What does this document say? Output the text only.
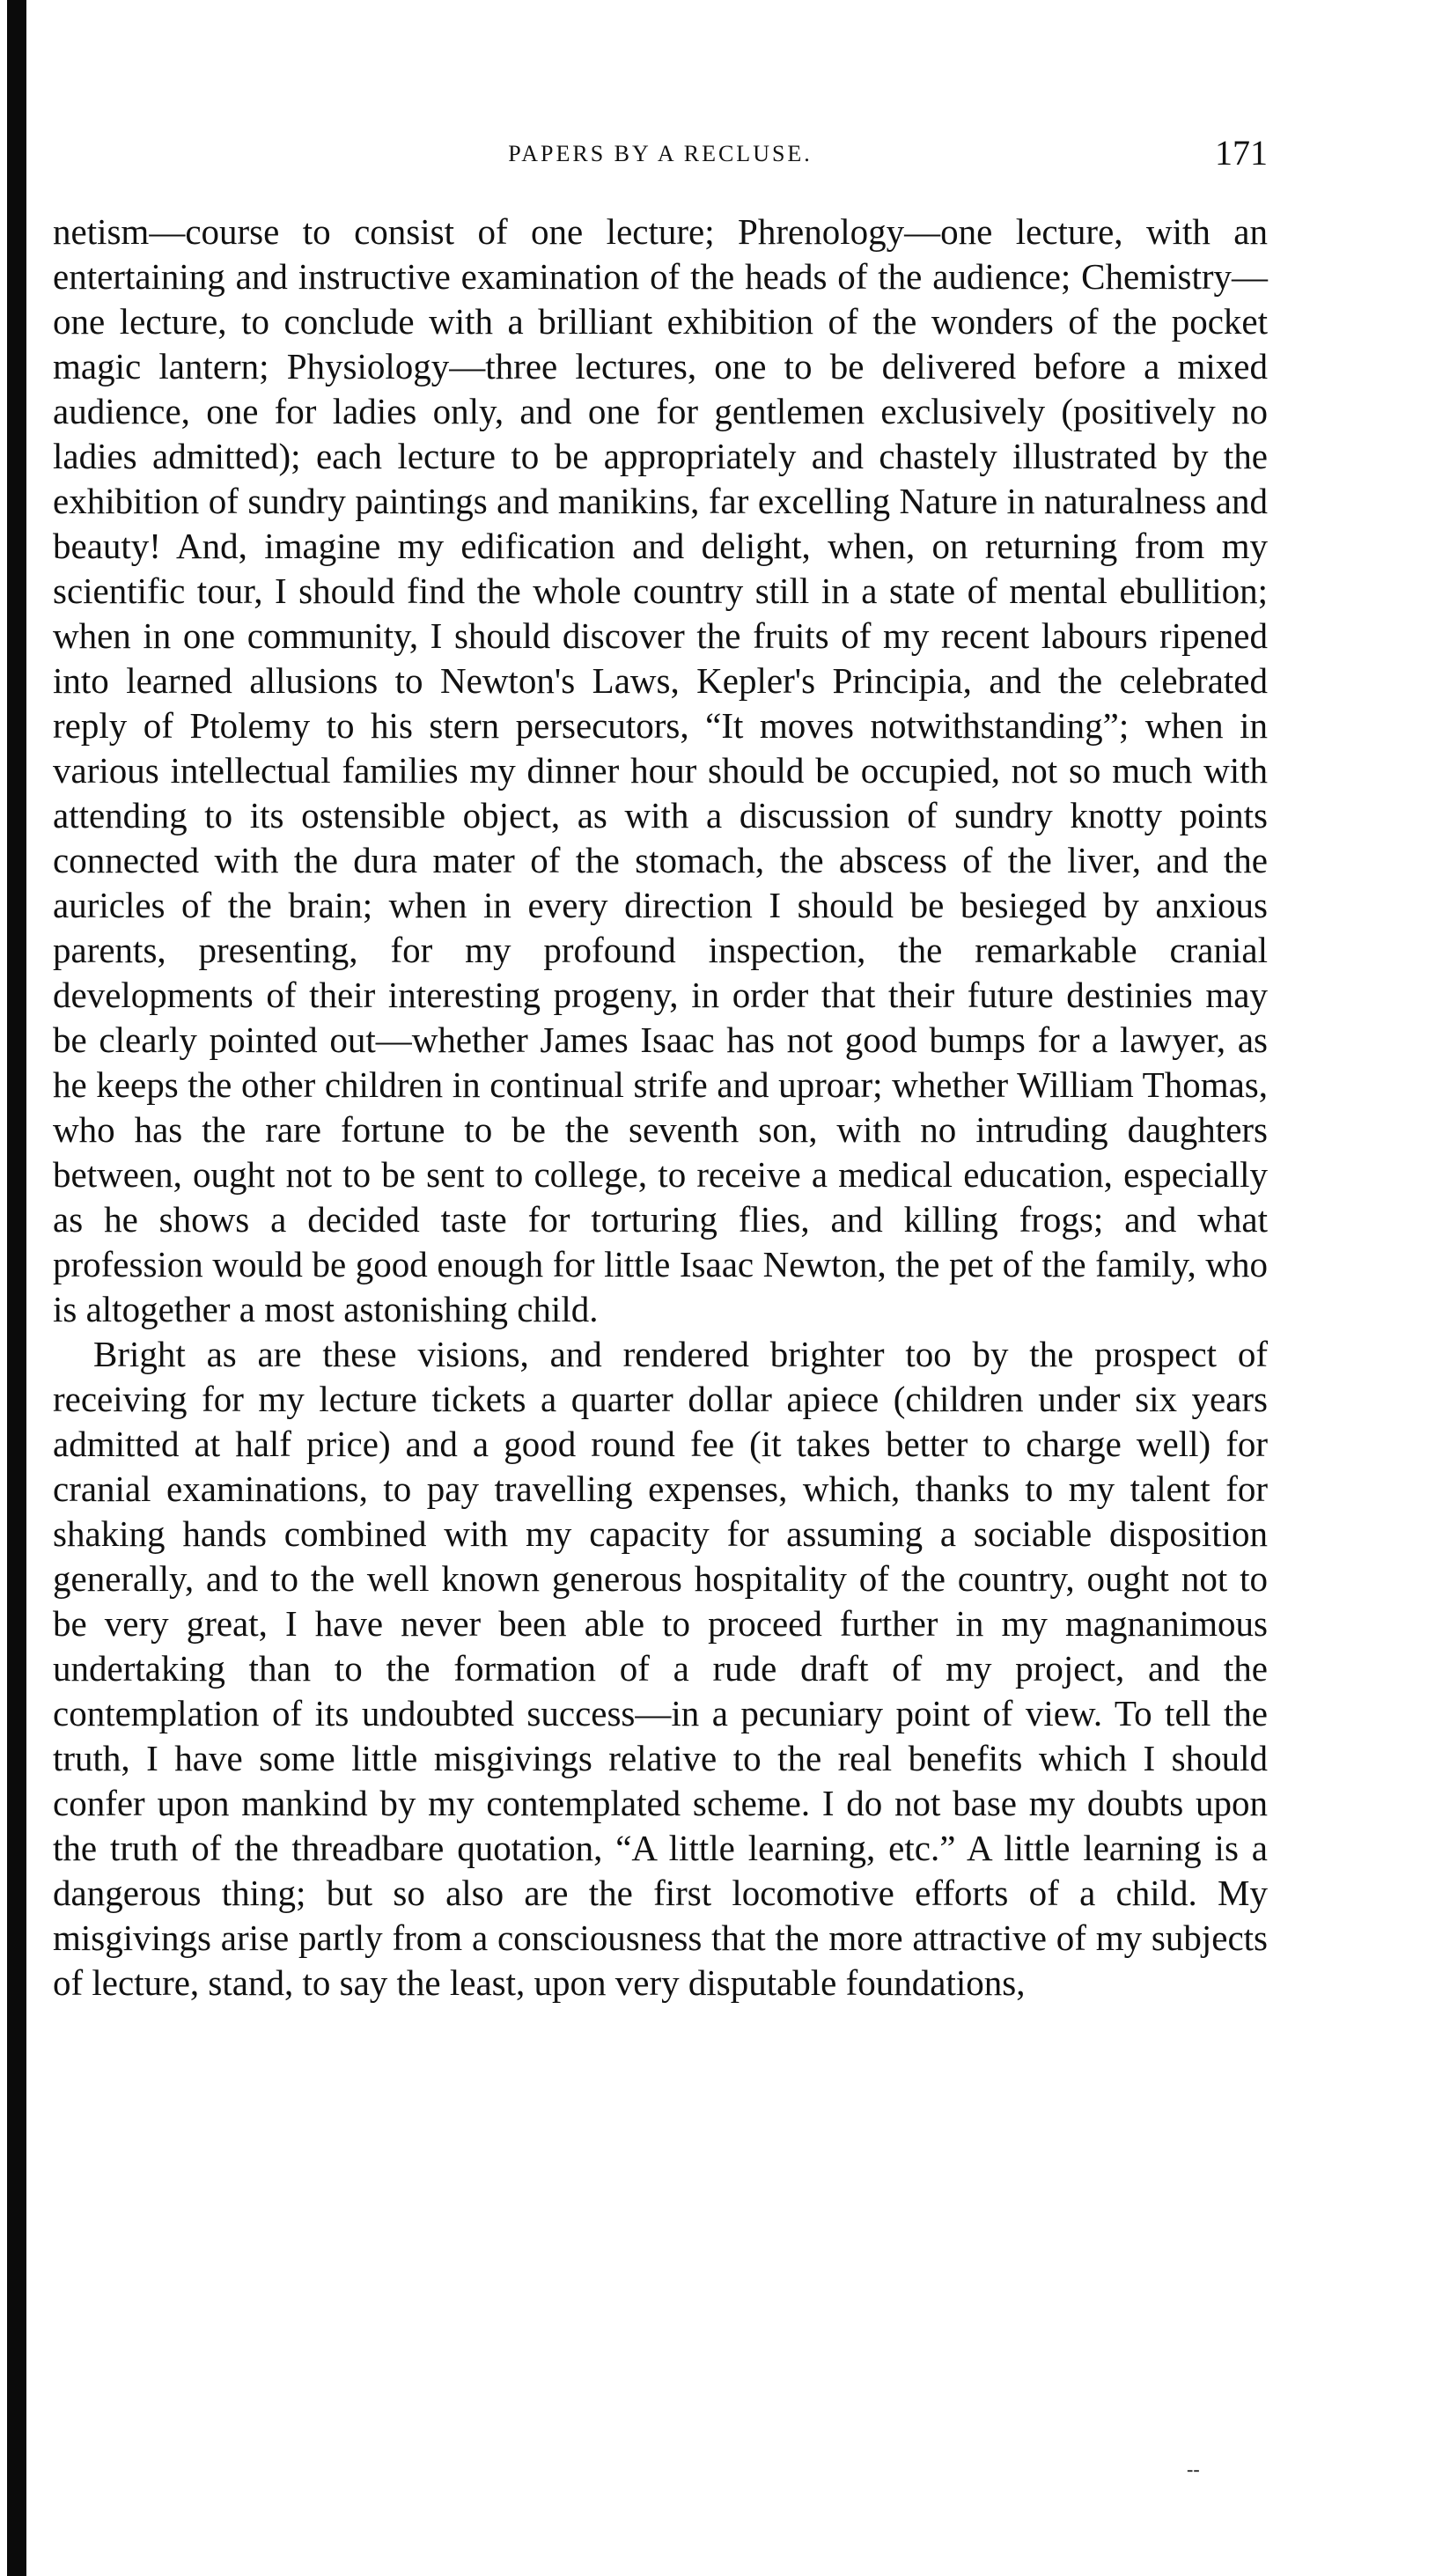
PAPERS BY A RECLUSE.	171

netism—course to consist of one lecture; Phrenology—one lecture, with an entertaining and instructive examination of the heads of the audience; Chemistry—one lecture, to conclude with a brilliant exhibition of the wonders of the pocket magic lantern; Physiology—three lectures, one to be delivered before a mixed audience, one for ladies only, and one for gentlemen exclusively (positively no ladies admitted); each lecture to be appropriately and chastely illustrated by the exhibition of sundry paintings and manikins, far excelling Nature in naturalness and beauty! And, imagine my edification and delight, when, on returning from my scientific tour, I should find the whole country still in a state of mental ebullition; when in one community, I should discover the fruits of my recent labours ripened into learned allusions to Newton's Laws, Kepler's Principia, and the celebrated reply of Ptolemy to his stern persecutors, “It moves notwithstanding”; when in various intellectual families my dinner hour should be occupied, not so much with attending to its ostensible object, as with a discussion of sundry knotty points connected with the dura mater of the stomach, the abscess of the liver, and the auricles of the brain; when in every direction I should be besieged by anxious parents, presenting, for my profound inspection, the remarkable cranial developments of their interesting progeny, in order that their future destinies may be clearly pointed out—whether James Isaac has not good bumps for a lawyer, as he keeps the other children in continual strife and uproar; whether William Thomas, who has the rare fortune to be the seventh son, with no intruding daughters between, ought not to be sent to college, to receive a medical education, especially as he shows a decided taste for torturing flies, and killing frogs; and what profession would be good enough for little Isaac Newton, the pet of the family, who is altogether a most astonishing child.

Bright as are these visions, and rendered brighter too by the prospect of receiving for my lecture tickets a quarter dollar apiece (children under six years admitted at half price) and a good round fee (it takes better to charge well) for cranial examinations, to pay travelling expenses, which, thanks to my talent for shaking hands combined with my capacity for assuming a sociable disposition generally, and to the well known generous hospitality of the country, ought not to be very great, I have never been able to proceed further in my magnanimous undertaking than to the formation of a rude draft of my project, and the contemplation of its undoubted success—in a pecuniary point of view. To tell the truth, I have some little misgivings relative to the real benefits which I should confer upon mankind by my contemplated scheme. I do not base my doubts upon the truth of the threadbare quotation, “A little learning, etc.” A little learning is a dangerous thing; but so also are the first locomotive efforts of a child. My misgivings arise partly from a consciousness that the more attractive of my subjects of lecture, stand, to say the least, upon very disputable foundations,

--
